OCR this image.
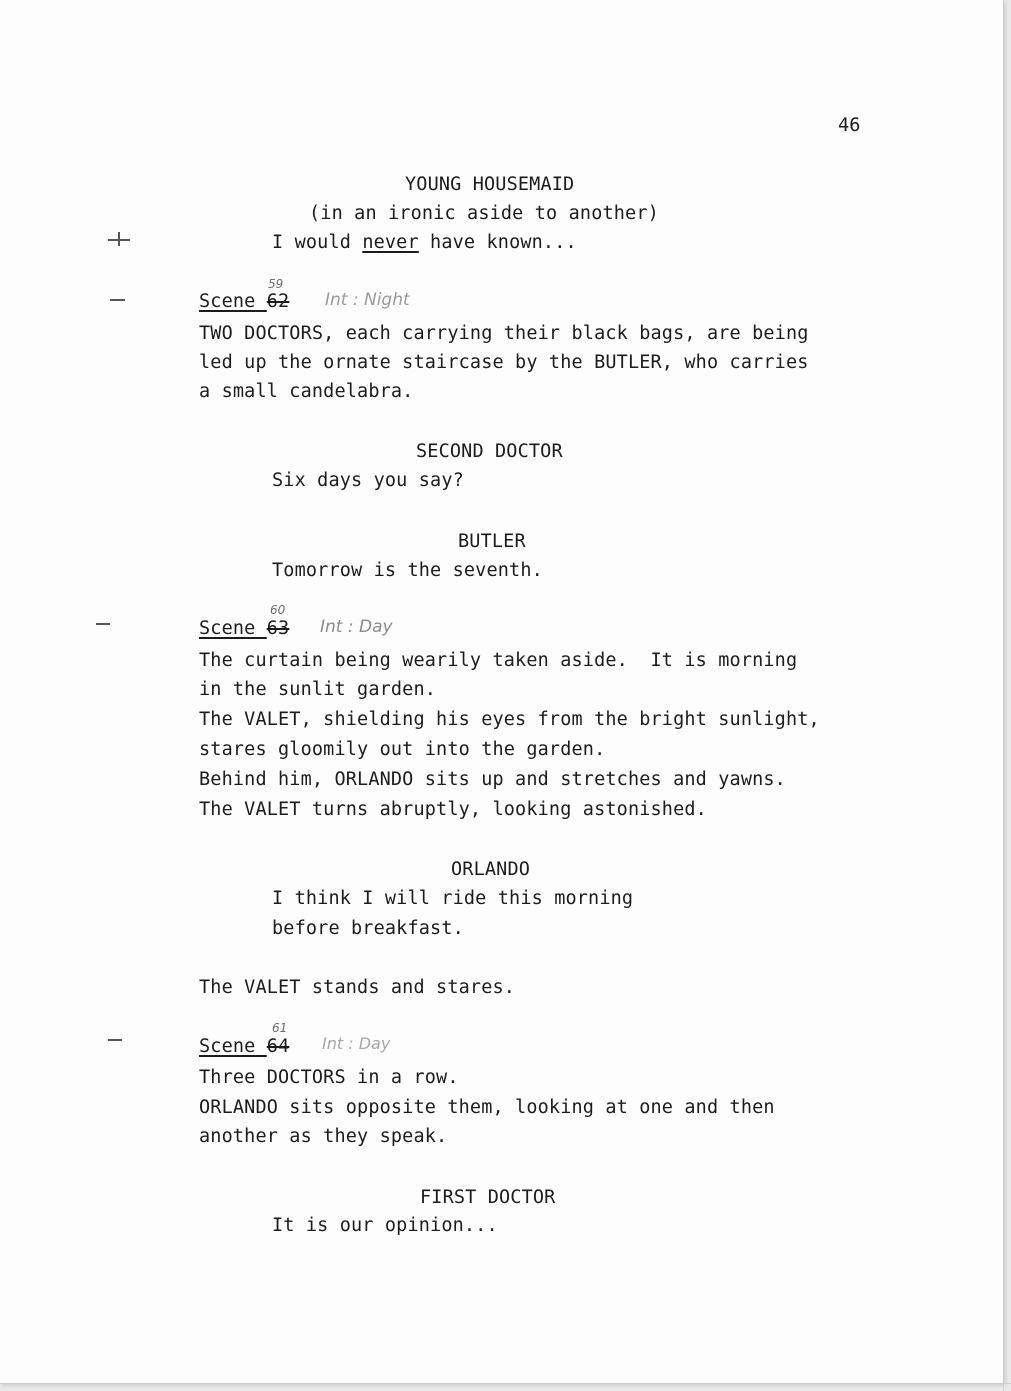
46
YOUNG HOUSEMAID
(in an ironic aside to another)
I would never have known...
59
Scene 62 Int : Night
TWO DOCTORS, each carrying their black bags, are being
led up the ornate staircase by the BUTLER, who carries
a small candelabra.
SECOND DOCTOR
Six days you say?
BUTLER
Tomorrow is the seventh.
60
Scene 63 Int : Day
The curtain being wearily taken aside.  It is morning
in the sunlit garden.
The VALET, shielding his eyes from the bright sunlight,
stares gloomily out into the garden.
Behind him, ORLANDO sits up and stretches and yawns.
The VALET turns abruptly, looking astonished.
ORLANDO
I think I will ride this morning
before breakfast.
The VALET stands and stares.
61
Scene 64 Int : Day
Three DOCTORS in a row.
ORLANDO sits opposite them, looking at one and then
another as they speak.
FIRST DOCTOR
It is our opinion...
